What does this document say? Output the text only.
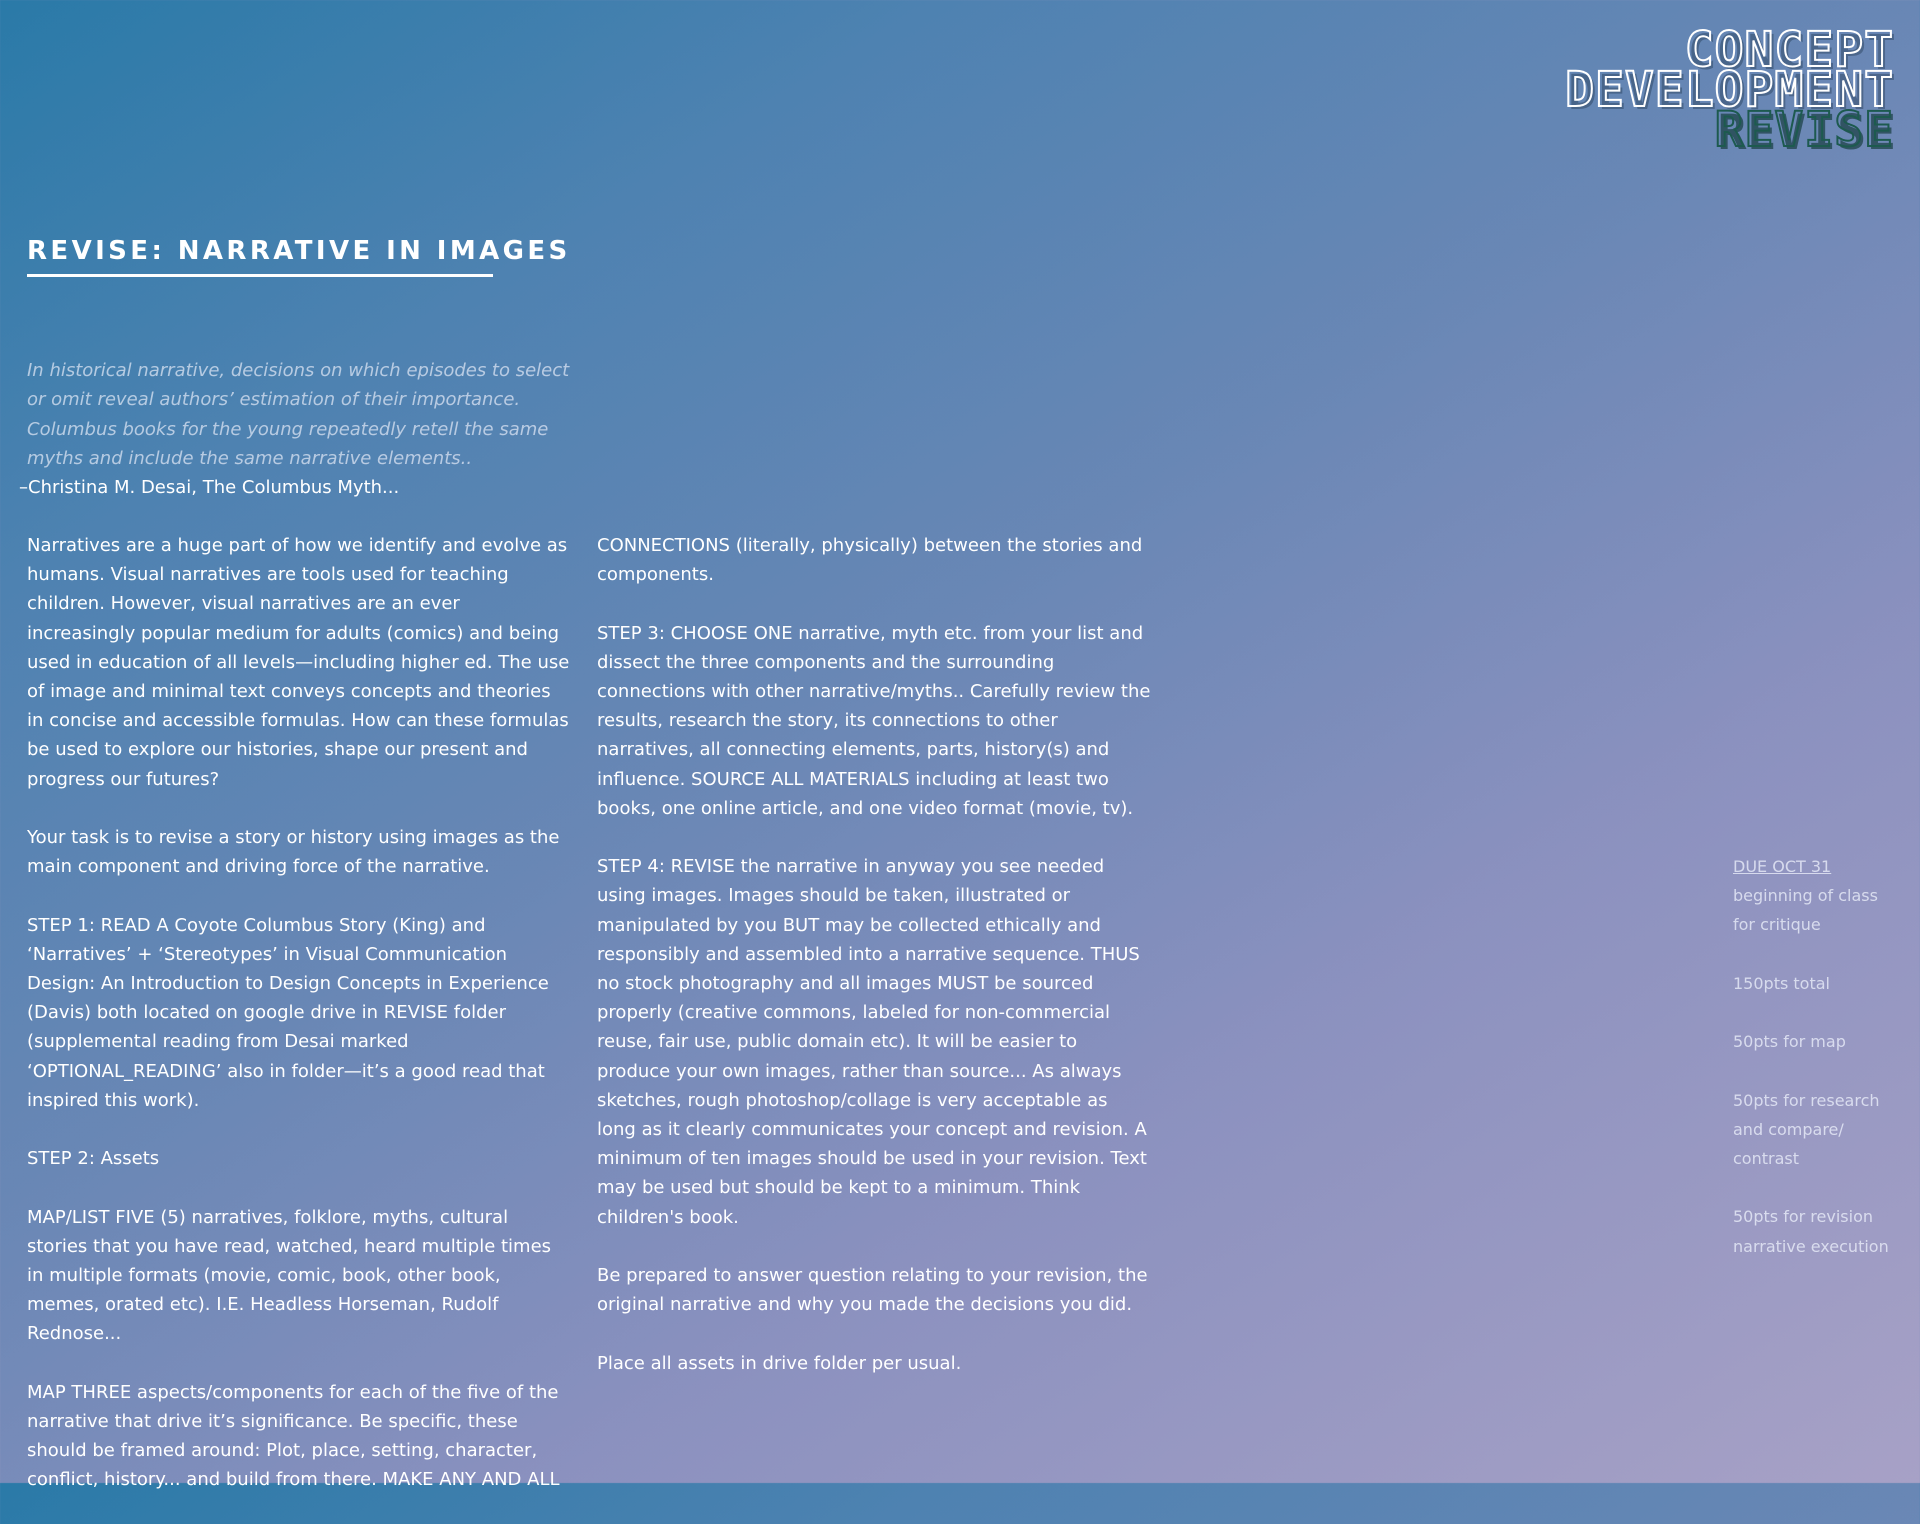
CONCEPT
DEVELOPMENT
REVISE
REVISE: NARRATIVE IN IMAGES
In historical narrative, decisions on which episodes to select or omit reveal authors’ estimation of their importance. Columbus books for the young repeatedly retell the same myths and include the same narrative elements..
–Christina M. Desai, The Columbus Myth...

Narratives are a huge part of how we identify and evolve as humans. Visual narratives are tools used for teaching children. However, visual narratives are an ever increasingly popular medium for adults (comics) and being used in education of all levels—including higher ed. The use of image and minimal text conveys concepts and theories in concise and accessible formulas. How can these formulas be used to explore our histories, shape our present and progress our futures?

Your task is to revise a story or history using images as the main component and driving force of the narrative.

STEP 1: READ A Coyote Columbus Story (King) and ‘Narratives’ + ‘Stereotypes’ in Visual Communication Design: An Introduction to Design Concepts in Experience (Davis) both located on google drive in REVISE folder (supplemental reading from Desai marked ‘OPTIONAL_READING’ also in folder—it’s a good read that inspired this work).

STEP 2: Assets

MAP/LIST FIVE (5) narratives, folklore, myths, cultural stories that you have read, watched, heard multiple times in multiple formats (movie, comic, book, other book, memes, orated etc). I.E. Headless Horseman, Rudolf Rednose...

MAP THREE aspects/components for each of the five of the narrative that drive it’s significance. Be specific, these should be framed around: Plot, place, setting, character, conflict, history... and build from there. MAKE ANY AND ALL

CONNECTIONS (literally, physically) between the stories and components.

STEP 3: CHOOSE ONE narrative, myth etc. from your list and dissect the three components and the surrounding connections with other narrative/myths.. Carefully review the results, research the story, its connections to other narratives, all connecting elements, parts, history(s) and influence. SOURCE ALL MATERIALS including at least two books, one online article, and one video format (movie, tv).

STEP 4: REVISE the narrative in anyway you see needed using images. Images should be taken, illustrated or manipulated by you BUT may be collected ethically and responsibly and assembled into a narrative sequence. THUS no stock photography and all images MUST be sourced properly (creative commons, labeled for non-commercial reuse, fair use, public domain etc). It will be easier to produce your own images, rather than source... As always sketches, rough photoshop/collage is very acceptable as long as it clearly communicates your concept and revision. A minimum of ten images should be used in your revision. Text may be used but should be kept to a minimum. Think children's book.

Be prepared to answer question relating to your revision, the original narrative and why you made the decisions you did.

Place all assets in drive folder per usual.

DUE OCT 31

beginning of class for critique

150pts total

50pts for map

50pts for research and compare/ contrast

50pts for revision narrative execution
